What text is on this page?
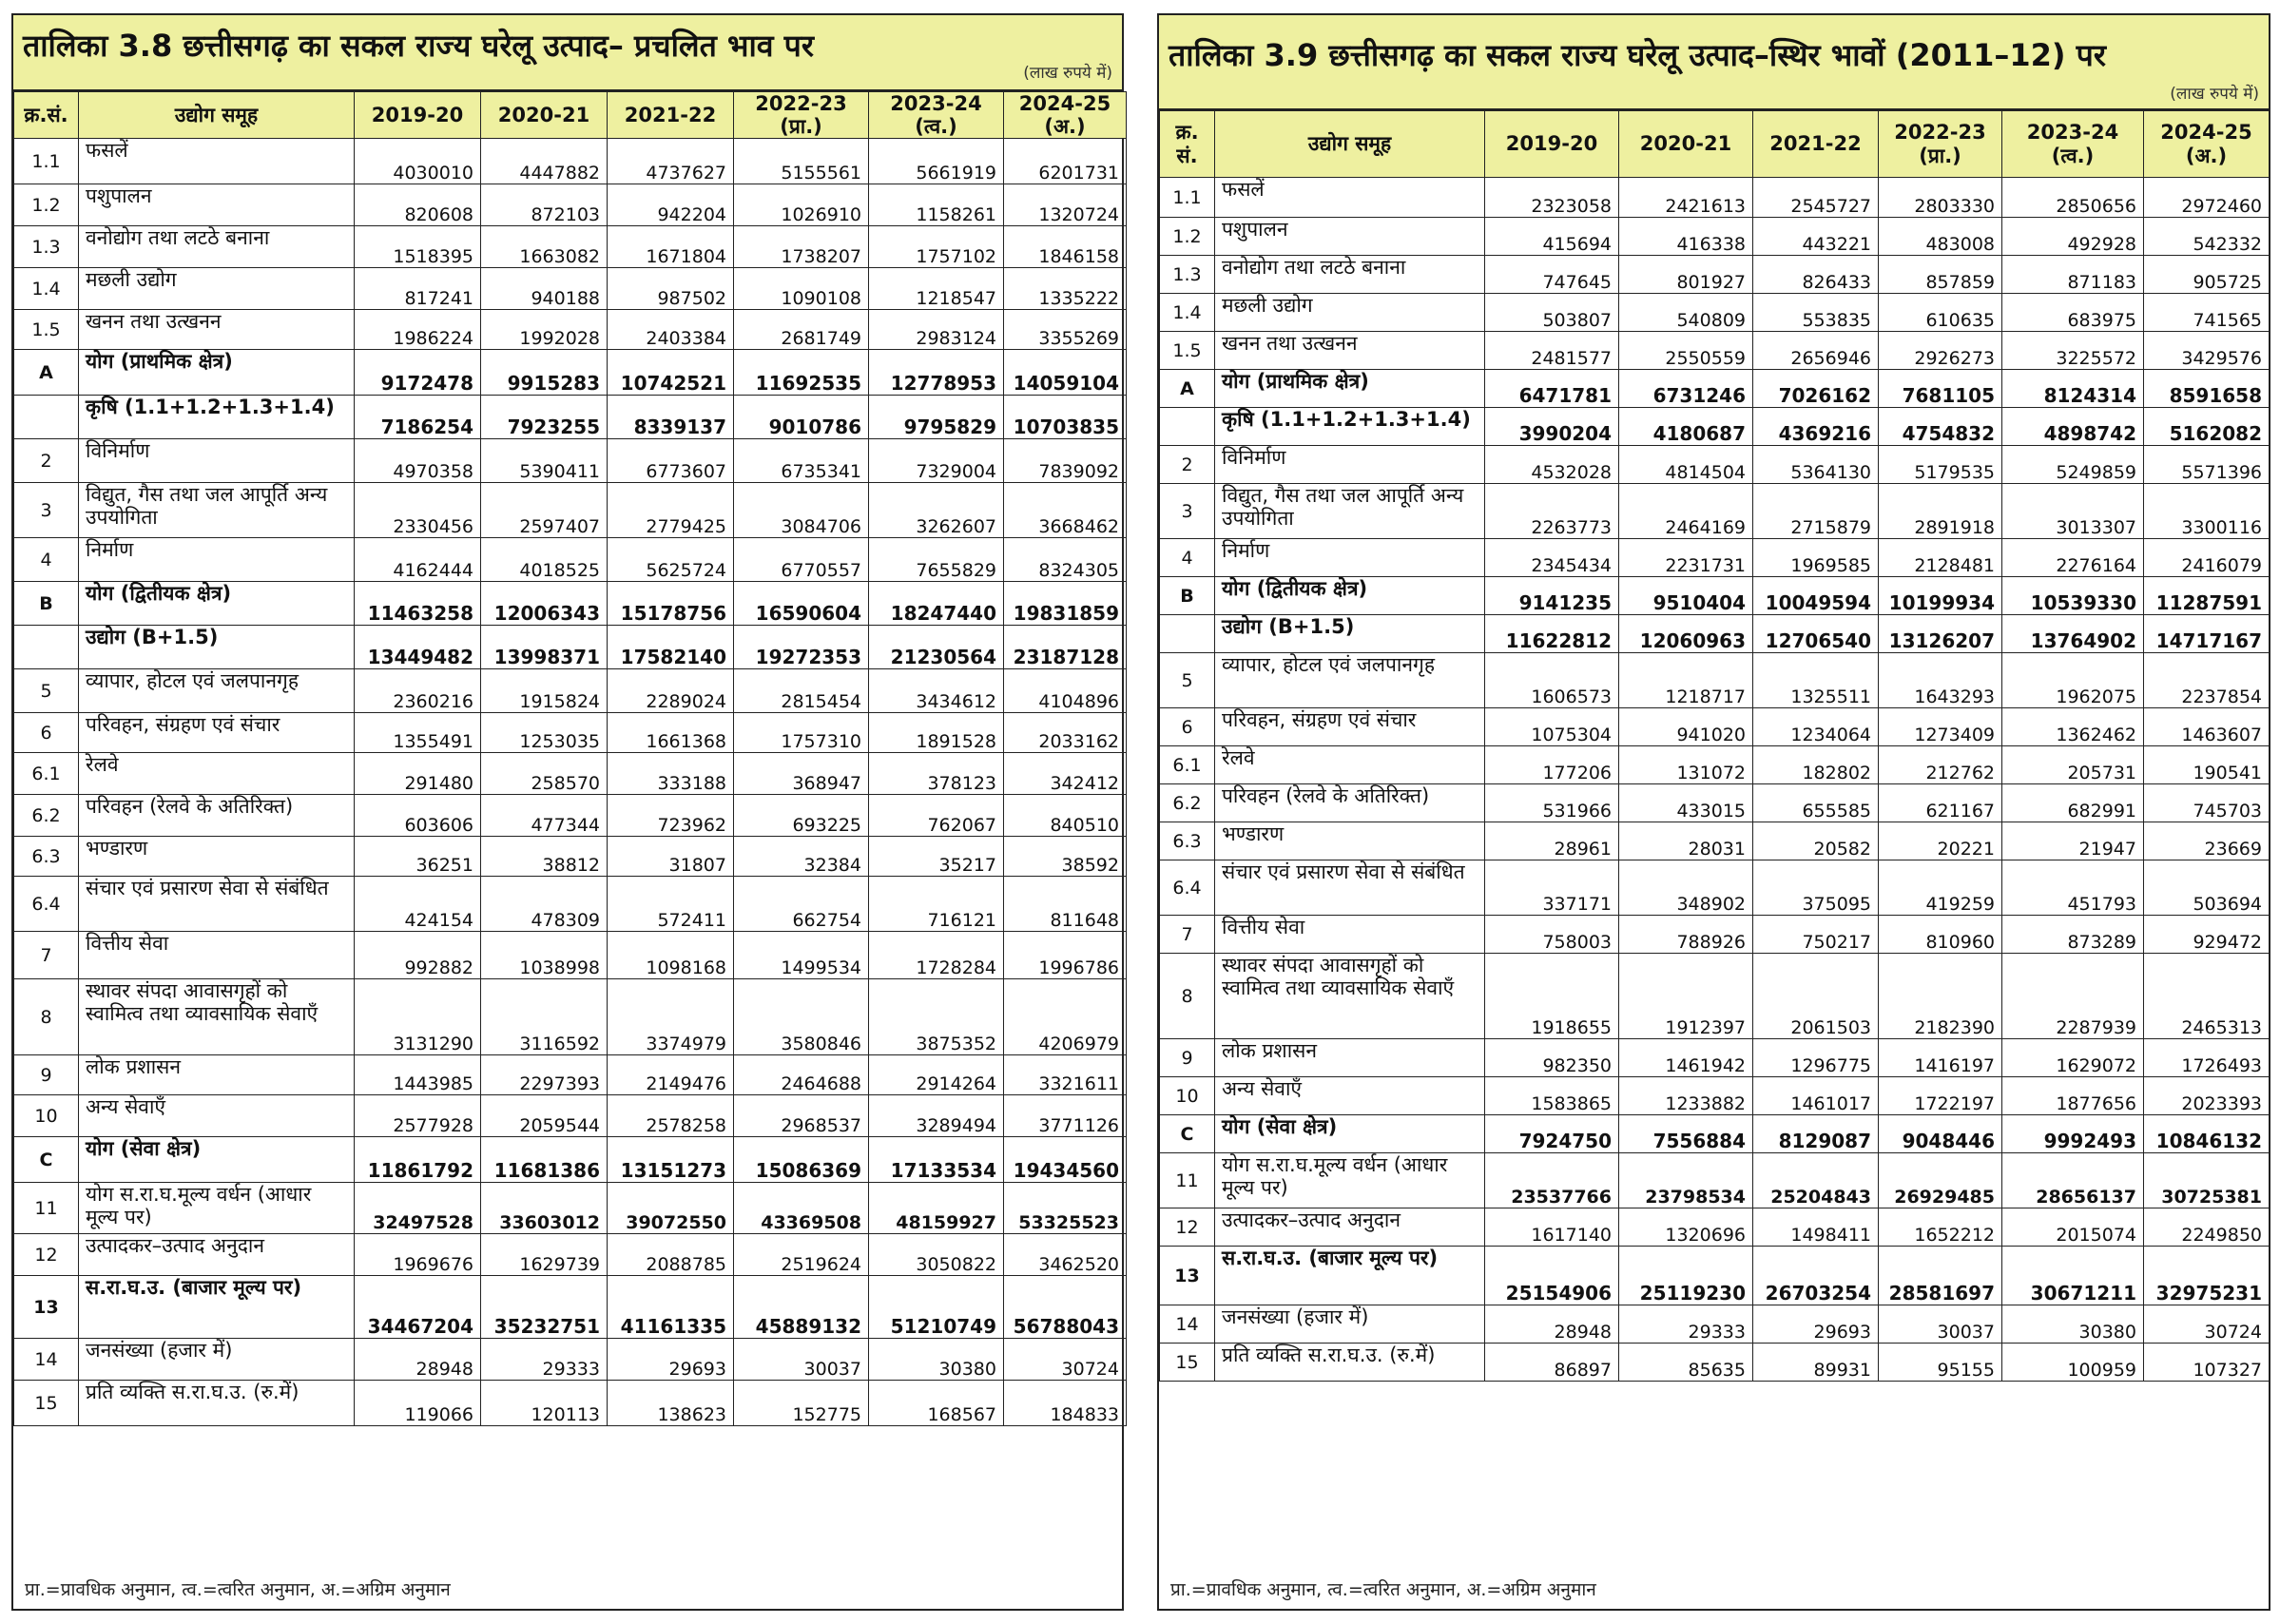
तालिका 3.8 छत्तीसगढ़ का सकल राज्य घरेलू उत्पाद– प्रचलित भाव पर
(लाख रुपये में)
क्र.सं.	उद्योग समूह	2019-20	2020-21	2021-22	2022-23 (प्रा.)	2023-24 (त्व.)	2024-25 (अ.)
1.1	फसलें	4030010	4447882	4737627	5155561	5661919	6201731
1.2	पशुपालन	820608	872103	942204	1026910	1158261	1320724
1.3	वनोद्योग तथा लटठे बनाना	1518395	1663082	1671804	1738207	1757102	1846158
1.4	मछली उद्योग	817241	940188	987502	1090108	1218547	1335222
1.5	खनन तथा उत्खनन	1986224	1992028	2403384	2681749	2983124	3355269
A	योग (प्राथमिक क्षेत्र)	9172478	9915283	10742521	11692535	12778953	14059104
	कृषि (1.1+1.2+1.3+1.4)	7186254	7923255	8339137	9010786	9795829	10703835
2	विनिर्माण	4970358	5390411	6773607	6735341	7329004	7839092
3	विद्युत, गैस तथा जल आपूर्ति अन्य उपयोगिता	2330456	2597407	2779425	3084706	3262607	3668462
4	निर्माण	4162444	4018525	5625724	6770557	7655829	8324305
B	योग (द्वितीयक क्षेत्र)	11463258	12006343	15178756	16590604	18247440	19831859
	उद्योग (B+1.5)	13449482	13998371	17582140	19272353	21230564	23187128
5	व्यापार, होटल एवं जलपानगृह	2360216	1915824	2289024	2815454	3434612	4104896
6	परिवहन, संग्रहण एवं संचार	1355491	1253035	1661368	1757310	1891528	2033162
6.1	रेलवे	291480	258570	333188	368947	378123	342412
6.2	परिवहन (रेलवे के अतिरिक्त)	603606	477344	723962	693225	762067	840510
6.3	भण्डारण	36251	38812	31807	32384	35217	38592
6.4	संचार एवं प्रसारण सेवा से संबंधित	424154	478309	572411	662754	716121	811648
7	वित्तीय सेवा	992882	1038998	1098168	1499534	1728284	1996786
8	स्थावर संपदा आवासगृहों को स्वामित्व तथा व्यावसायिक सेवाएँ	3131290	3116592	3374979	3580846	3875352	4206979
9	लोक प्रशासन	1443985	2297393	2149476	2464688	2914264	3321611
10	अन्य सेवाएँ	2577928	2059544	2578258	2968537	3289494	3771126
C	योग (सेवा क्षेत्र)	11861792	11681386	13151273	15086369	17133534	19434560
11	योग स.रा.घ.मूल्य वर्धन (आधार मूल्य पर)	32497528	33603012	39072550	43369508	48159927	53325523
12	उत्पादकर–उत्पाद अनुदान	1969676	1629739	2088785	2519624	3050822	3462520
13	स.रा.घ.उ. (बाजार मूल्य पर)	34467204	35232751	41161335	45889132	51210749	56788043
14	जनसंख्या (हजार में)	28948	29333	29693	30037	30380	30724
15	प्रति व्यक्ति स.रा.घ.उ. (रु.में)	119066	120113	138623	152775	168567	184833
प्रा.=प्रावधिक अनुमान, त्व.=त्वरित अनुमान, अ.=अग्रिम अनुमान
तालिका 3.9 छत्तीसगढ़ का सकल राज्य घरेलू उत्पाद–स्थिर भावों (2011–12) पर
(लाख रुपये में)
क्र. सं.	उद्योग समूह	2019-20	2020-21	2021-22	2022-23 (प्रा.)	2023-24 (त्व.)	2024-25 (अ.)
1.1	फसलें	2323058	2421613	2545727	2803330	2850656	2972460
1.2	पशुपालन	415694	416338	443221	483008	492928	542332
1.3	वनोद्योग तथा लटठे बनाना	747645	801927	826433	857859	871183	905725
1.4	मछली उद्योग	503807	540809	553835	610635	683975	741565
1.5	खनन तथा उत्खनन	2481577	2550559	2656946	2926273	3225572	3429576
A	योग (प्राथमिक क्षेत्र)	6471781	6731246	7026162	7681105	8124314	8591658
	कृषि (1.1+1.2+1.3+1.4)	3990204	4180687	4369216	4754832	4898742	5162082
2	विनिर्माण	4532028	4814504	5364130	5179535	5249859	5571396
3	विद्युत, गैस तथा जल आपूर्ति अन्य उपयोगिता	2263773	2464169	2715879	2891918	3013307	3300116
4	निर्माण	2345434	2231731	1969585	2128481	2276164	2416079
B	योग (द्वितीयक क्षेत्र)	9141235	9510404	10049594	10199934	10539330	11287591
	उद्योग (B+1.5)	11622812	12060963	12706540	13126207	13764902	14717167
5	व्यापार, होटल एवं जलपानगृह	1606573	1218717	1325511	1643293	1962075	2237854
6	परिवहन, संग्रहण एवं संचार	1075304	941020	1234064	1273409	1362462	1463607
6.1	रेलवे	177206	131072	182802	212762	205731	190541
6.2	परिवहन (रेलवे के अतिरिक्त)	531966	433015	655585	621167	682991	745703
6.3	भण्डारण	28961	28031	20582	20221	21947	23669
6.4	संचार एवं प्रसारण सेवा से संबंधित	337171	348902	375095	419259	451793	503694
7	वित्तीय सेवा	758003	788926	750217	810960	873289	929472
8	स्थावर संपदा आवासगृहों को स्वामित्व तथा व्यावसायिक सेवाएँ	1918655	1912397	2061503	2182390	2287939	2465313
9	लोक प्रशासन	982350	1461942	1296775	1416197	1629072	1726493
10	अन्य सेवाएँ	1583865	1233882	1461017	1722197	1877656	2023393
C	योग (सेवा क्षेत्र)	7924750	7556884	8129087	9048446	9992493	10846132
11	योग स.रा.घ.मूल्य वर्धन (आधार मूल्य पर)	23537766	23798534	25204843	26929485	28656137	30725381
12	उत्पादकर–उत्पाद अनुदान	1617140	1320696	1498411	1652212	2015074	2249850
13	स.रा.घ.उ. (बाजार मूल्य पर)	25154906	25119230	26703254	28581697	30671211	32975231
14	जनसंख्या (हजार में)	28948	29333	29693	30037	30380	30724
15	प्रति व्यक्ति स.रा.घ.उ. (रु.में)	86897	85635	89931	95155	100959	107327
प्रा.=प्रावधिक अनुमान, त्व.=त्वरित अनुमान, अ.=अग्रिम अनुमान
